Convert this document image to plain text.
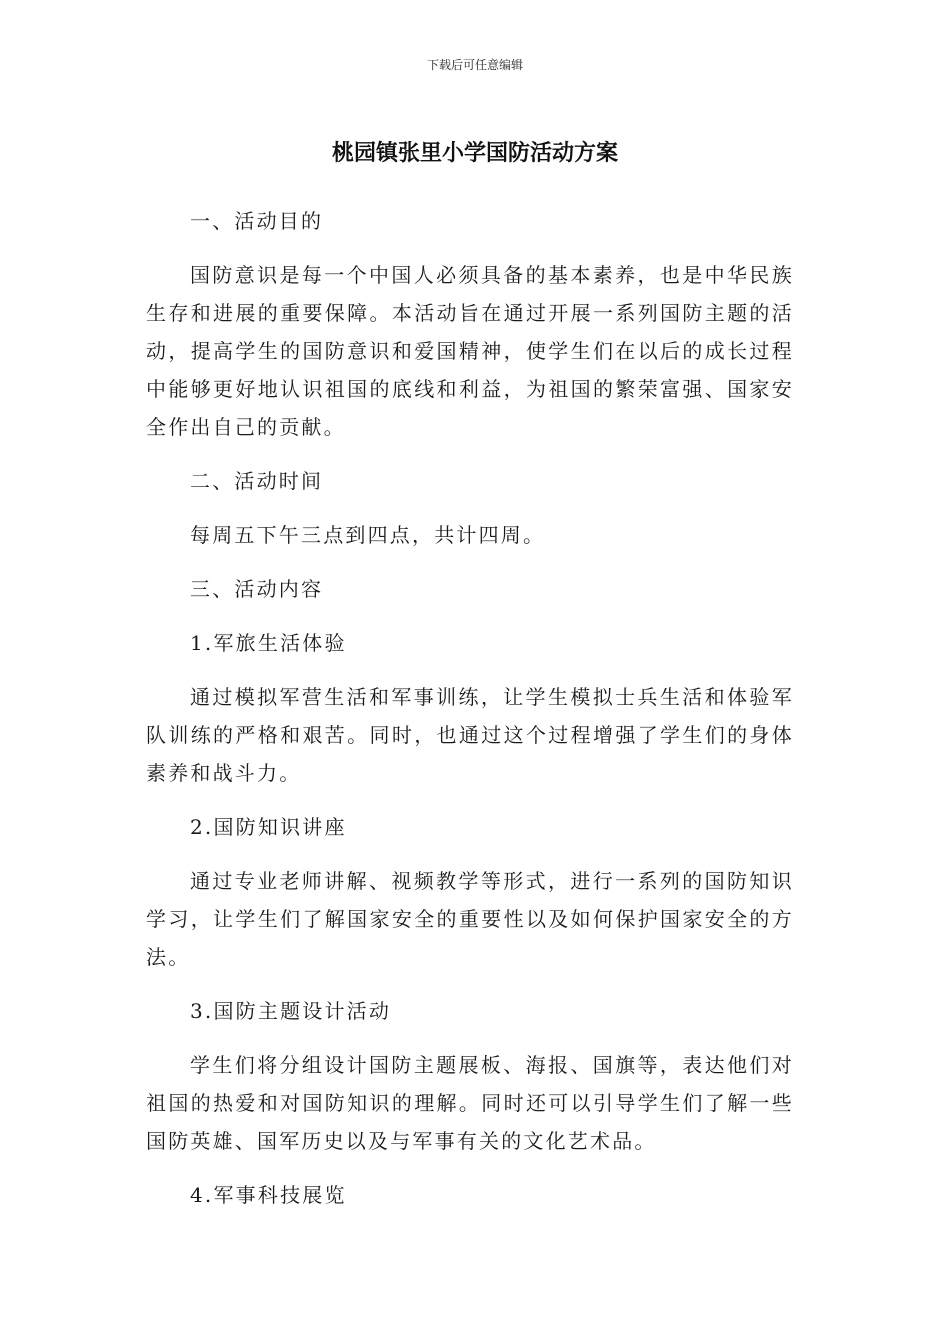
下载后可任意编辑
桃园镇张里小学国防活动方案

一、活动目的

国防意识是每一个中国人必须具备的基本素养，也是中华民族生存和进展的重要保障。本活动旨在通过开展一系列国防主题的活动，提高学生的国防意识和爱国精神，使学生们在以后的成长过程中能够更好地认识祖国的底线和利益，为祖国的繁荣富强、国家安全作出自己的贡献。

二、活动时间

每周五下午三点到四点，共计四周。

三、活动内容

1.军旅生活体验

通过模拟军营生活和军事训练，让学生模拟士兵生活和体验军队训练的严格和艰苦。同时，也通过这个过程增强了学生们的身体素养和战斗力。

2.国防知识讲座

通过专业老师讲解、视频教学等形式，进行一系列的国防知识学习，让学生们了解国家安全的重要性以及如何保护国家安全的方法。

3.国防主题设计活动

学生们将分组设计国防主题展板、海报、国旗等，表达他们对祖国的热爱和对国防知识的理解。同时还可以引导学生们了解一些国防英雄、国军历史以及与军事有关的文化艺术品。

4.军事科技展览
